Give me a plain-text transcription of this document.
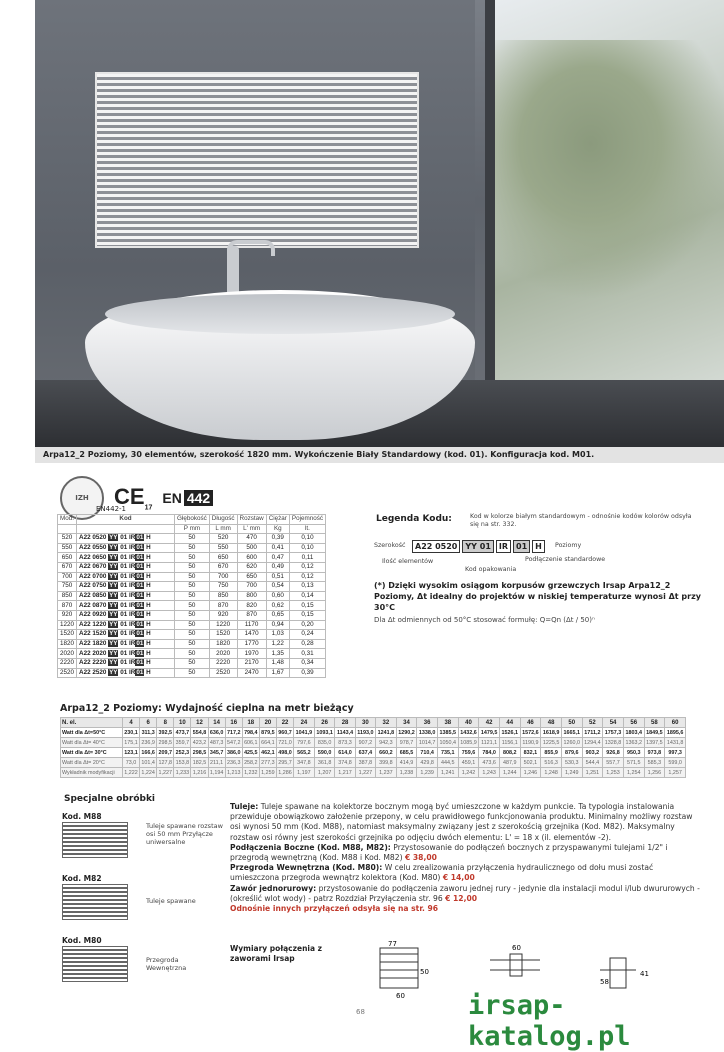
Arpa12_2 Poziomy, 30 elementów, szerokość 1820 mm. Wykończenie Biały Standardowy (kod. 01). Konfiguracja kod. M01.
IZH	$CE_{17}$
EN 442
EN442-1
Mod.	Kod	Głębokość	Długość	Rozstaw	Ciężar	Pojemność
		P mm	L mm	L' mm	Kg	lt.
520	A22 0520 YY 01 IR01 H	50	520	470	0,39	0,10
550	A22 0550 YY 01 IR01 H	50	550	500	0,41	0,10
650	A22 0650 YY 01 IR01 H	50	650	600	0,47	0,11
670	A22 0670 YY 01 IR01 H	50	670	620	0,49	0,12
700	A22 0700 YY 01 IR01 H	50	700	650	0,51	0,12
750	A22 0750 YY 01 IR01 H	50	750	700	0,54	0,13
850	A22 0850 YY 01 IR01 H	50	850	800	0,60	0,14
870	A22 0870 YY 01 IR01 H	50	870	820	0,62	0,15
920	A22 0920 YY 01 IR01 H	50	920	870	0,65	0,15
1220	A22 1220 YY 01 IR01 H	50	1220	1170	0,94	0,20
1520	A22 1520 YY 01 IR01 H	50	1520	1470	1,03	0,24
1820	A22 1820 YY 01 IR01 H	50	1820	1770	1,22	0,28
2020	A22 2020 YY 01 IR01 H	50	2020	1970	1,35	0,31
2220	A22 2220 YY 01 IR01 H	50	2220	2170	1,48	0,34
2520	A22 2520 YY 01 IR01 H	50	2520	2470	1,67	0,39
Legenda Kodu:	Kod w kolorze białym standardowym - odnośnie kodów kolorów odsyła się na str. 332.
Szerokość	A22 0520	YY 01	IR	01	H	Poziomy
Ilość elementów	Podłączenie standardowe
Kod opakowania
(*) Dzięki wysokim osiągom korpusów grzewczych Irsap Arpa12_2 Poziomy, Δt idealny do projektów w niskiej temperaturze wynosi Δt przy 30°C
Dla Δt odmiennych od 50°C stosować formułę: Q=Qn (Δt / 50)ⁿ
Arpa12_2 Poziomy: Wydajność cieplna na metr bieżący
N. el.	4	6	8	10	12	14	16	18	20	22	24	26	28	30	32	34	36	38	40	42	44	46	48	50	52	54	56	58	60
Watt dla Δt=50°C	230,1	311,3	392,5	473,7	554,8	636,0	717,2	798,4	879,5	960,7	1041,9	1093,1	1143,4	1193,0	1241,8	1290,2	1338,0	1385,5	1432,6	1479,5	1526,1	1572,6	1618,9	1665,1	1711,2	1757,3	1803,4	1849,5	1895,6
Watt dla Δt= 40°C	175,1	236,9	298,5	359,7	423,2	487,3	547,2	606,1	664,1	721,0	797,6	835,0	873,3	907,2	942,3	978,7	1014,7	1050,4	1085,9	1121,1	1156,1	1190,9	1225,5	1260,0	1294,4	1328,8	1363,2	1397,5	1431,8
Watt dla Δt= 30°C	123,1	166,6	209,7	252,3	298,5	345,7	386,0	425,5	462,1	498,0	565,2	590,0	614,0	637,4	660,2	685,5	710,4	735,1	759,6	784,0	808,2	832,1	855,9	879,6	903,2	926,8	950,3	973,8	997,3
Watt dla Δt= 20°C	73,0	101,4	127,8	153,8	182,5	211,1	236,3	258,2	277,3	295,7	347,8	361,8	374,8	387,8	399,8	414,9	429,8	444,5	459,1	473,6	487,9	502,1	516,3	530,3	544,4	557,7	571,5	585,3	599,0
Wykładnik modyfikacji	1,222	1,224	1,227	1,233	1,216	1,194	1,213	1,232	1,259	1,286	1,197	1,207	1,217	1,227	1,237	1,238	1,239	1,241	1,242	1,243	1,244	1,246	1,248	1,249	1,251	1,253	1,254	1,256	1,257
Specjalne obróbki
Kod. M88
Tuleje spawane rozstaw osi 50 mm Przyłącze uniwersalne
Kod. M82
Tuleje spawane
Kod. M80
Przegroda Wewnętrzna
Tuleje: Tuleje spawane na kolektorze bocznym mogą być umieszczone w każdym punkcie. Ta typologia instalowania przewiduje obowiązkowo założenie przepony, w celu prawidłowego funkcjonowania produktu. Minimalny możliwy rozstaw osi wynosi 50 mm (Kod. M88), natomiast maksymalny związany jest z szerokością grzejnika (Kod. M82). Maksymalny rozstaw osi równy jest szerokości grzejnika po odjęciu dwóch elementu: L' = 18 x (il. elementów -2).
Podłączenia Boczne (Kod. M88, M82): Przystosowanie do podłączeń bocznych z przyspawanymi tulejami 1/2" i przegrodą wewnętrzną (Kod. M88 i Kod. M82) € 38,00
Przegroda Wewnętrzna (Kod. M80): W celu zrealizowania przyłączenia hydraulicznego od dołu musi zostać umieszczona przegroda wewnątrz kolektora (Kod. M80) € 14,00
Zawór jednorurowy: przystosowanie do podłączenia zaworu jednej rury - jedynie dla instalacji modul i/lub dwururowych - (określić wlot wody) - patrz Rozdział Przyłączenia str. 96 € 12,00
Odnośnie innych przyłączeń odsyła się na str. 96
Wymiary połączenia z zaworami Irsap
77
50
60
60
58
41
68	irsap-katalog.pl
